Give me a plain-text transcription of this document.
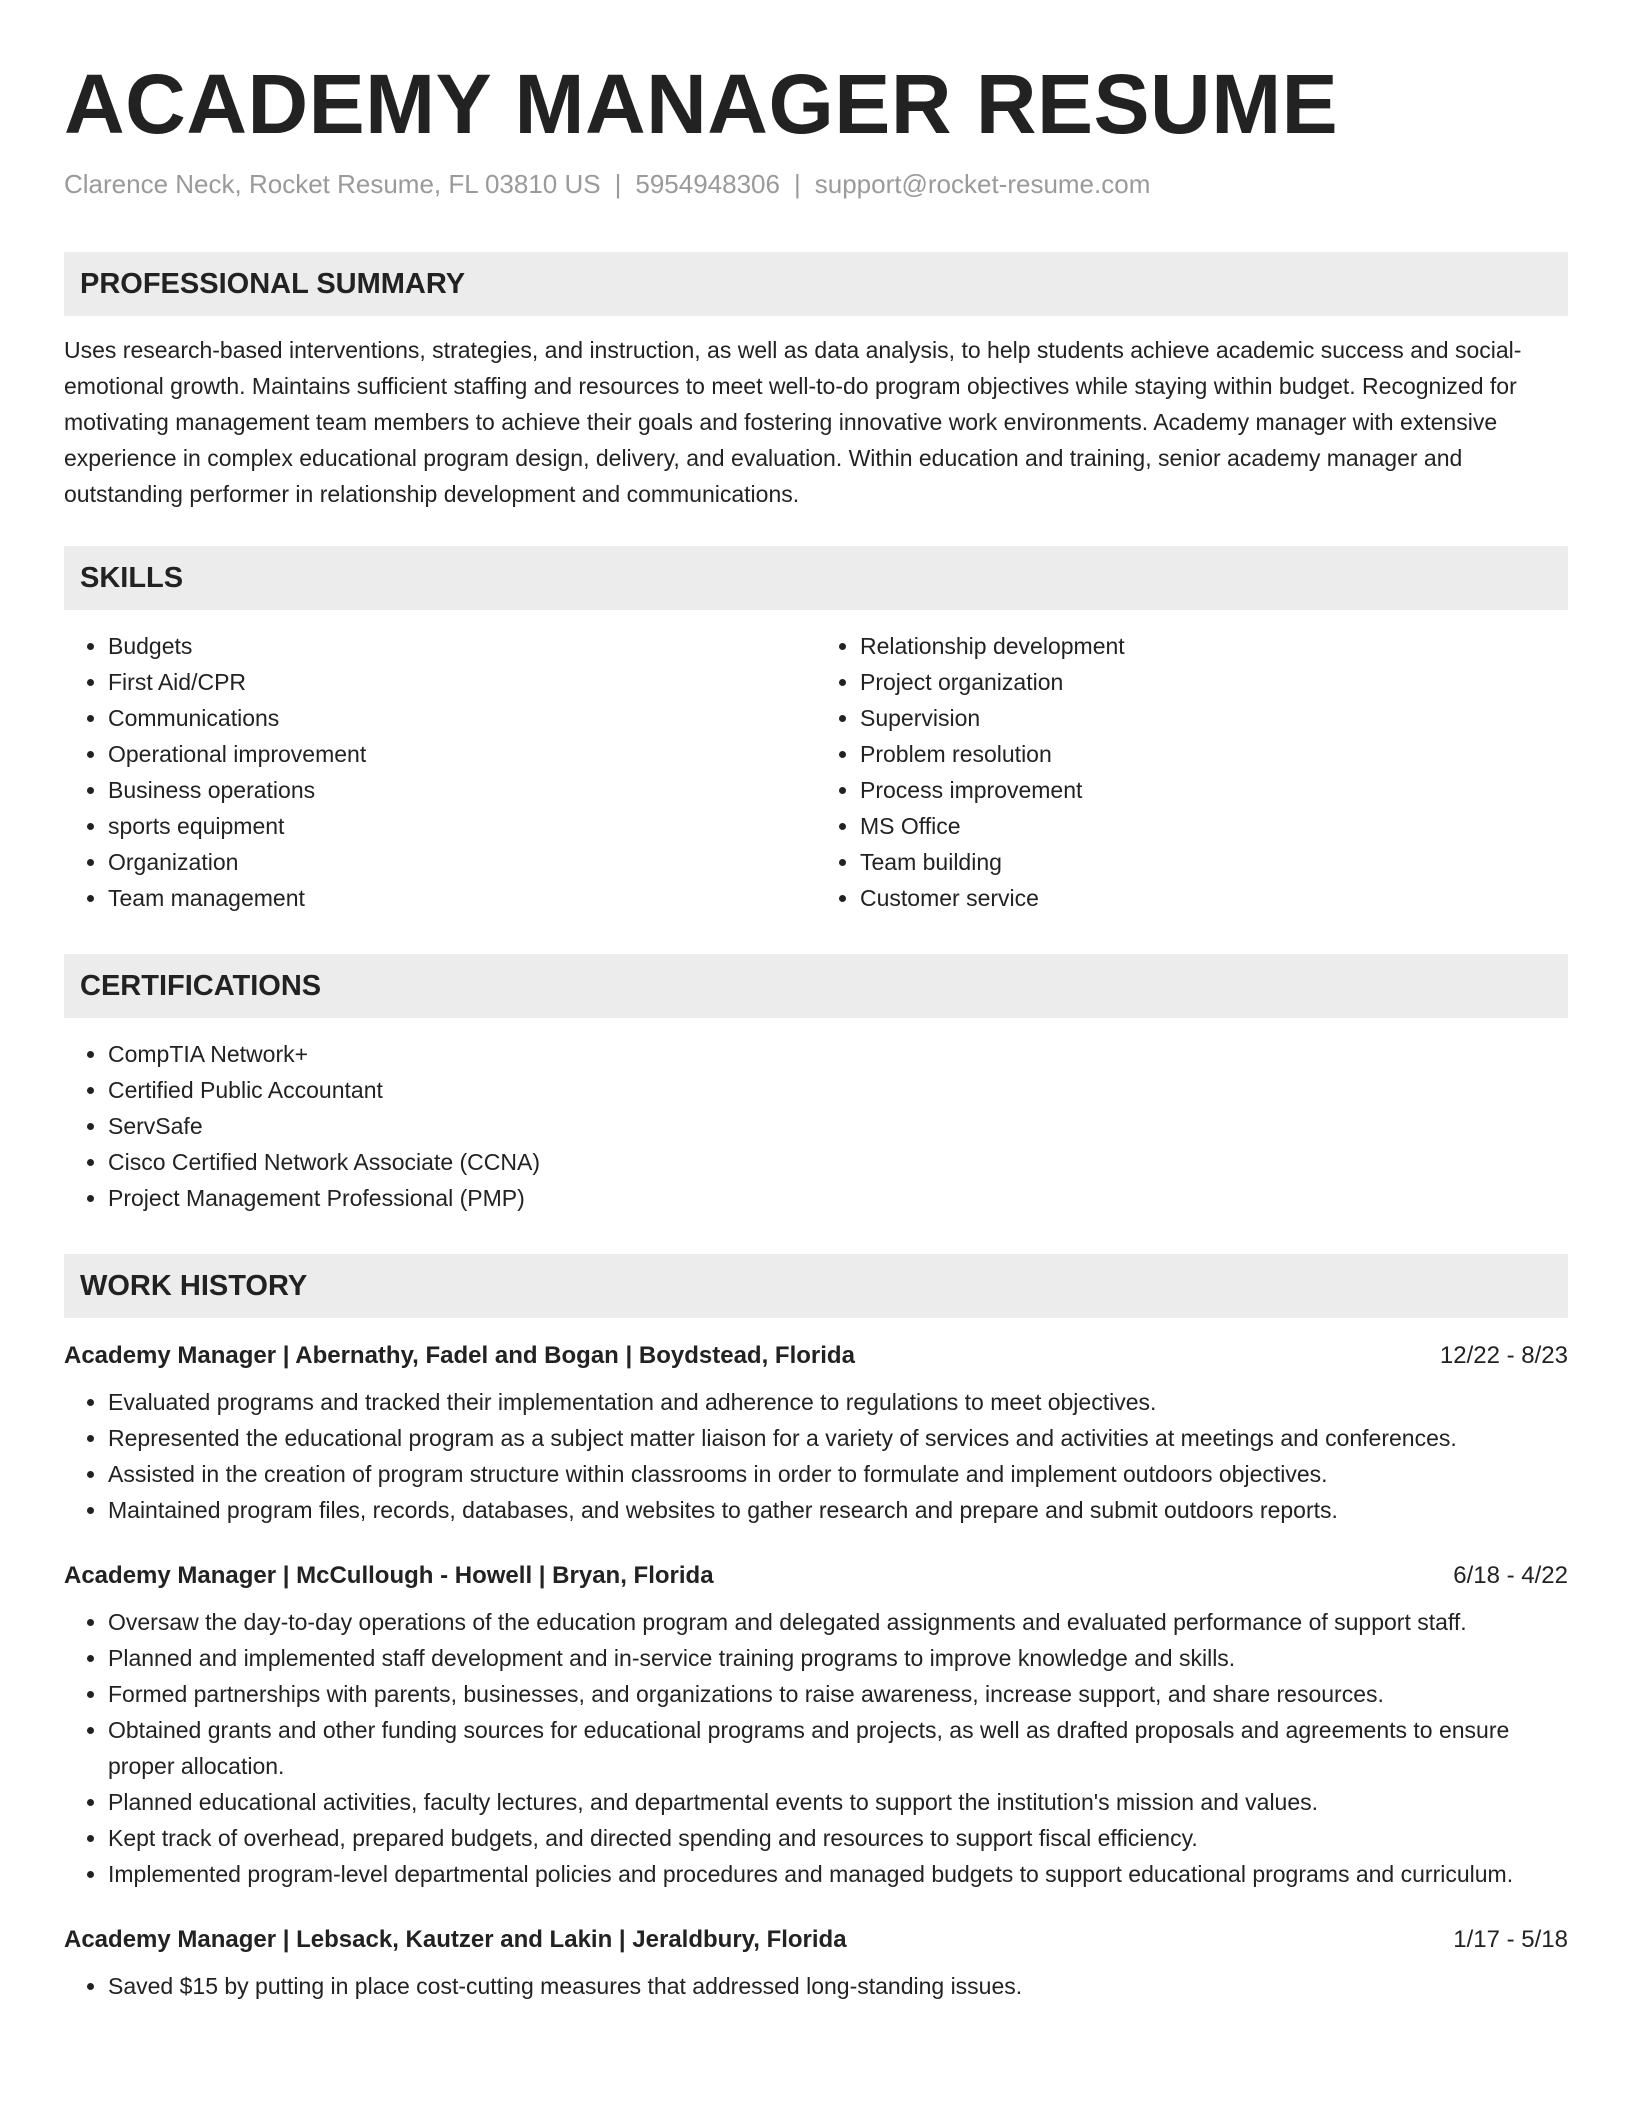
ACADEMY MANAGER RESUME
Clarence Neck, Rocket Resume, FL 03810 US | 5954948306 | support@rocket-resume.com
PROFESSIONAL SUMMARY

Uses research-based interventions, strategies, and instruction, as well as data analysis, to help students achieve academic success and social-emotional growth. Maintains sufficient staffing and resources to meet well-to-do program objectives while staying within budget. Recognized for motivating management team members to achieve their goals and fostering innovative work environments. Academy manager with extensive experience in complex educational program design, delivery, and evaluation. Within education and training, senior academy manager and outstanding performer in relationship development and communications.

SKILLS
• Budgets
• First Aid/CPR
• Communications
• Operational improvement
• Business operations
• sports equipment
• Organization
• Team management
• Relationship development
• Project organization
• Supervision
• Problem resolution
• Process improvement
• MS Office
• Team building
• Customer service
CERTIFICATIONS
• CompTIA Network+
• Certified Public Accountant
• ServSafe
• Cisco Certified Network Associate (CCNA)
• Project Management Professional (PMP)
WORK HISTORY
Academy Manager | Abernathy, Fadel and Bogan | Boydstead, Florida	12/22 - 8/23
• Evaluated programs and tracked their implementation and adherence to regulations to meet objectives.
• Represented the educational program as a subject matter liaison for a variety of services and activities at meetings and conferences.
• Assisted in the creation of program structure within classrooms in order to formulate and implement outdoors objectives.
• Maintained program files, records, databases, and websites to gather research and prepare and submit outdoors reports.
Academy Manager | McCullough - Howell | Bryan, Florida	6/18 - 4/22
• Oversaw the day-to-day operations of the education program and delegated assignments and evaluated performance of support staff.
• Planned and implemented staff development and in-service training programs to improve knowledge and skills.
• Formed partnerships with parents, businesses, and organizations to raise awareness, increase support, and share resources.
• Obtained grants and other funding sources for educational programs and projects, as well as drafted proposals and agreements to ensure proper allocation.
• Planned educational activities, faculty lectures, and departmental events to support the institution's mission and values.
• Kept track of overhead, prepared budgets, and directed spending and resources to support fiscal efficiency.
• Implemented program-level departmental policies and procedures and managed budgets to support educational programs and curriculum.
Academy Manager | Lebsack, Kautzer and Lakin | Jeraldbury, Florida	1/17 - 5/18
• Saved $15 by putting in place cost-cutting measures that addressed long-standing issues.
